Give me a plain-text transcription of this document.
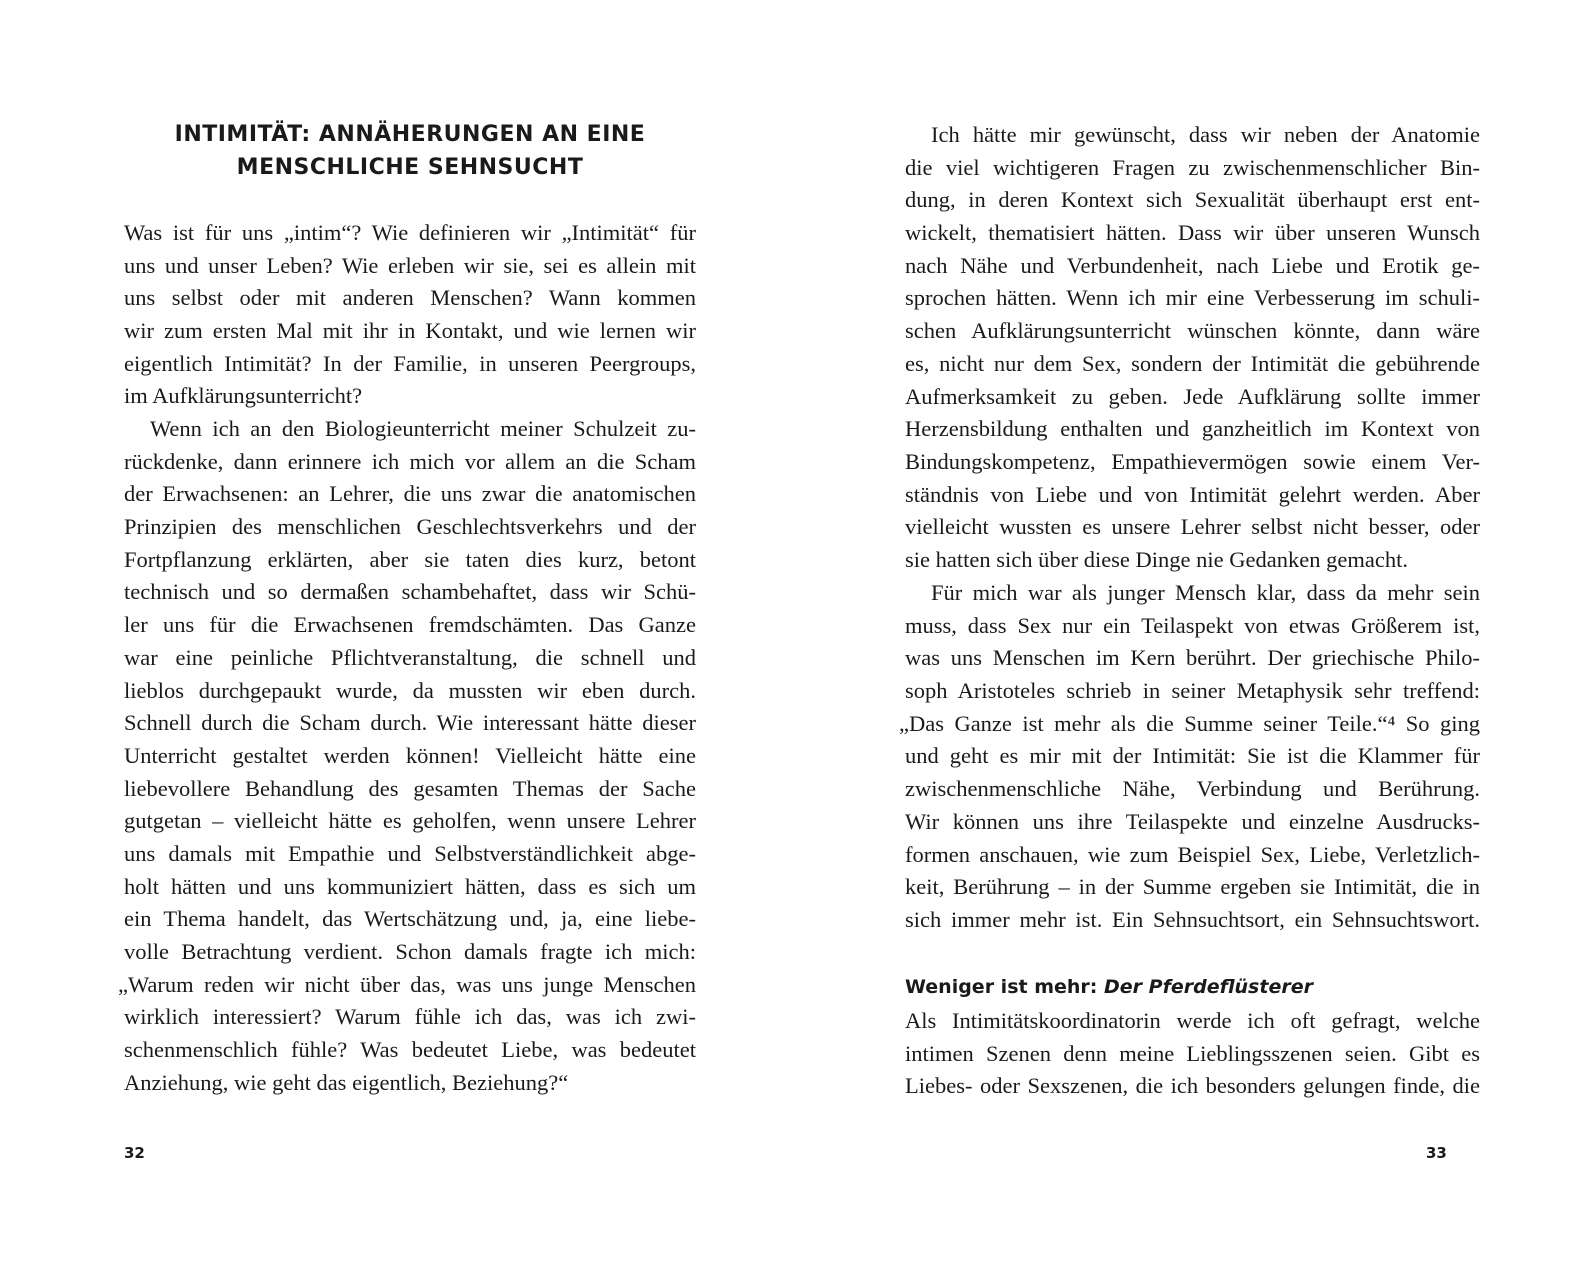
INTIMITÄT: ANNÄHERUNGEN AN EINE
MENSCHLICHE SEHNSUCHT
Was ist für uns „intim“? Wie definieren wir „Intimität“ für
uns und unser Leben? Wie erleben wir sie, sei es allein mit
uns selbst oder mit anderen Menschen? Wann kommen
wir zum ersten Mal mit ihr in Kontakt, und wie lernen wir
eigentlich Intimität? In der Familie, in unseren Peergroups,
im Aufklärungsunterricht?
Wenn ich an den Biologieunterricht meiner Schulzeit zu-
rückdenke, dann erinnere ich mich vor allem an die Scham
der Erwachsenen: an Lehrer, die uns zwar die anatomischen
Prinzipien des menschlichen Geschlechtsverkehrs und der
Fortpflanzung erklärten, aber sie taten dies kurz, betont
technisch und so dermaßen schambehaftet, dass wir Schü-
ler uns für die Erwachsenen fremdschämten. Das Ganze
war eine peinliche Pflichtveranstaltung, die schnell und
lieblos durchgepaukt wurde, da mussten wir eben durch.
Schnell durch die Scham durch. Wie interessant hätte dieser
Unterricht gestaltet werden können! Vielleicht hätte eine
liebevollere Behandlung des gesamten Themas der Sache
gutgetan – vielleicht hätte es geholfen, wenn unsere Lehrer
uns damals mit Empathie und Selbstverständlichkeit abge-
holt hätten und uns kommuniziert hätten, dass es sich um
ein Thema handelt, das Wertschätzung und, ja, eine liebe-
volle Betrachtung verdient. Schon damals fragte ich mich:
„Warum reden wir nicht über das, was uns junge Menschen
wirklich interessiert? Warum fühle ich das, was ich zwi-
schenmenschlich fühle? Was bedeutet Liebe, was bedeutet
Anziehung, wie geht das eigentlich, Beziehung?“
32
Ich hätte mir gewünscht, dass wir neben der Anatomie
die viel wichtigeren Fragen zu zwischenmenschlicher Bin-
dung, in deren Kontext sich Sexualität überhaupt erst ent-
wickelt, thematisiert hätten. Dass wir über unseren Wunsch
nach Nähe und Verbundenheit, nach Liebe und Erotik ge-
sprochen hätten. Wenn ich mir eine Verbesserung im schuli-
schen Aufklärungsunterricht wünschen könnte, dann wäre
es, nicht nur dem Sex, sondern der Intimität die gebührende
Aufmerksamkeit zu geben. Jede Aufklärung sollte immer
Herzensbildung enthalten und ganzheitlich im Kontext von
Bindungskompetenz, Empathievermögen sowie einem Ver-
ständnis von Liebe und von Intimität gelehrt werden. Aber
vielleicht wussten es unsere Lehrer selbst nicht besser, oder
sie hatten sich über diese Dinge nie Gedanken gemacht.
Für mich war als junger Mensch klar, dass da mehr sein
muss, dass Sex nur ein Teilaspekt von etwas Größerem ist,
was uns Menschen im Kern berührt. Der griechische Philo-
soph Aristoteles schrieb in seiner Metaphysik sehr treffend:
„Das Ganze ist mehr als die Summe seiner Teile.“⁴ So ging
und geht es mir mit der Intimität: Sie ist die Klammer für
zwischenmenschliche Nähe, Verbindung und Berührung.
Wir können uns ihre Teilaspekte und einzelne Ausdrucks-
formen anschauen, wie zum Beispiel Sex, Liebe, Verletzlich-
keit, Berührung – in der Summe ergeben sie Intimität, die in
sich immer mehr ist. Ein Sehnsuchtsort, ein Sehnsuchtswort.
Weniger ist mehr: Der Pferdeflüsterer
Als Intimitätskoordinatorin werde ich oft gefragt, welche
intimen Szenen denn meine Lieblingsszenen seien. Gibt es
Liebes- oder Sexszenen, die ich besonders gelungen finde, die
33
